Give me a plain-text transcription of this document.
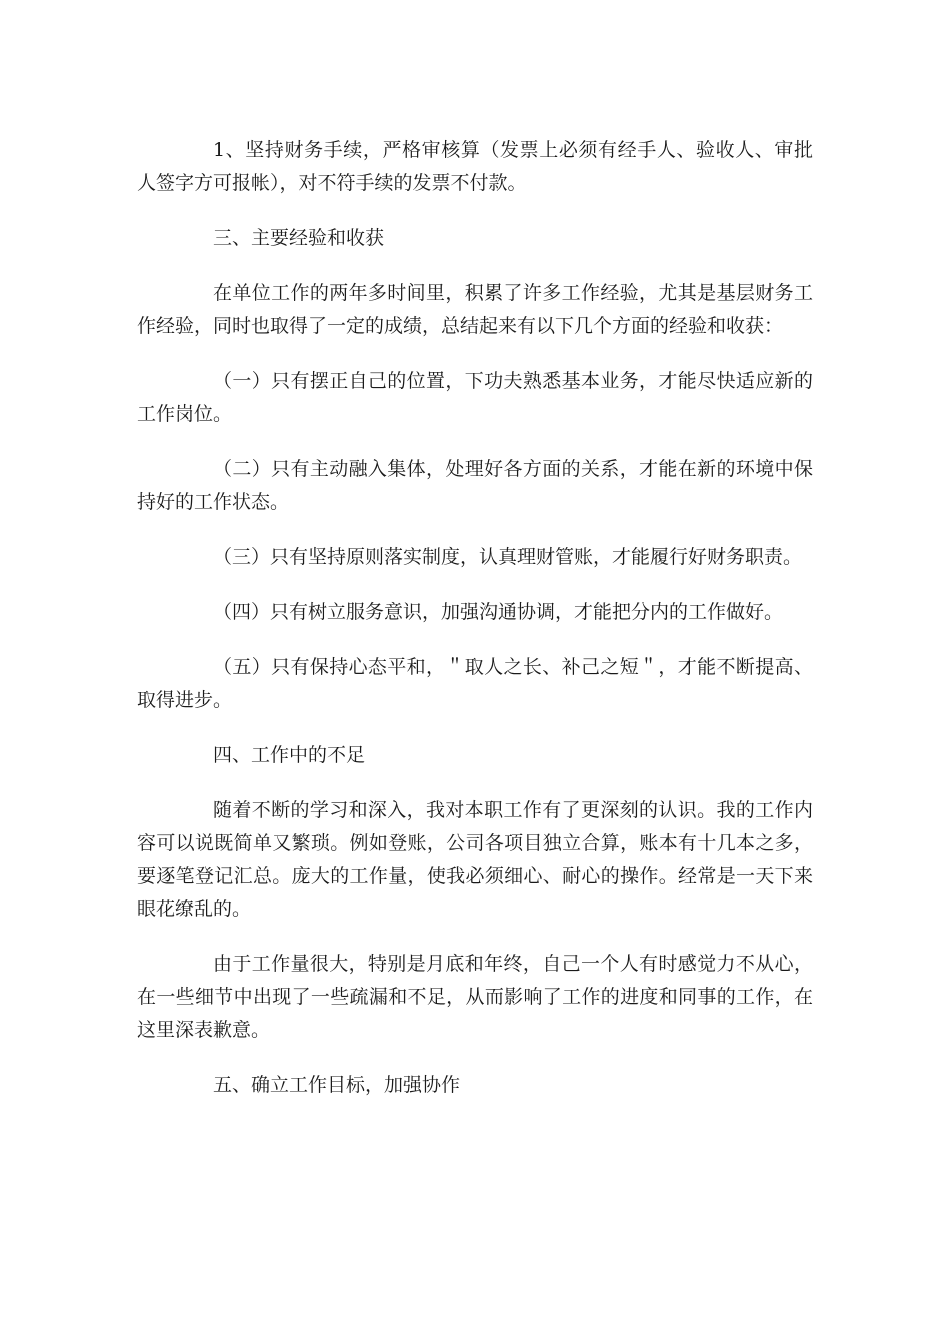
1、坚持财务手续，严格审核算（发票上必须有经手人、验收人、审批人签字方可报帐），对不符手续的发票不付款。

三、主要经验和收获

在单位工作的两年多时间里，积累了许多工作经验，尤其是基层财务工作经验，同时也取得了一定的成绩，总结起来有以下几个方面的经验和收获：

（一）只有摆正自己的位置，下功夫熟悉基本业务，才能尽快适应新的工作岗位。

（二）只有主动融入集体，处理好各方面的关系，才能在新的环境中保持好的工作状态。

（三）只有坚持原则落实制度，认真理财管账，才能履行好财务职责。

（四）只有树立服务意识，加强沟通协调，才能把分内的工作做好。

（五）只有保持心态平和，＂取人之长、补己之短＂，才能不断提高、取得进步。

四、工作中的不足

随着不断的学习和深入，我对本职工作有了更深刻的认识。我的工作内容可以说既简单又繁琐。例如登账，公司各项目独立合算，账本有十几本之多，要逐笔登记汇总。庞大的工作量，使我必须细心、耐心的操作。经常是一天下来眼花缭乱的。

由于工作量很大，特别是月底和年终，自己一个人有时感觉力不从心，在一些细节中出现了一些疏漏和不足，从而影响了工作的进度和同事的工作，在这里深表歉意。

五、确立工作目标，加强协作
